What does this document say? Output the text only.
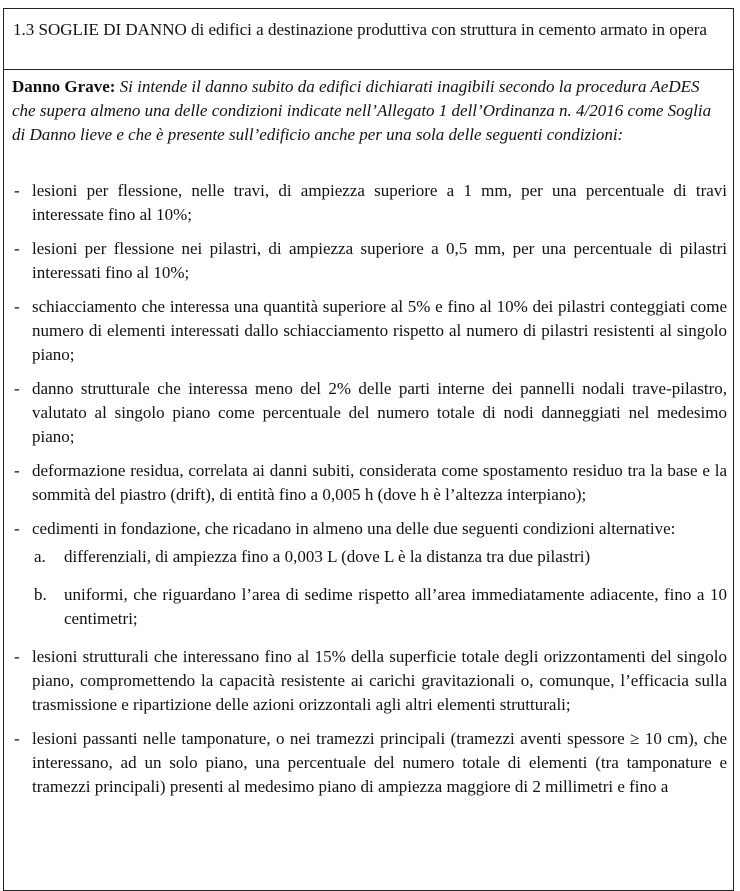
1.3 SOGLIE DI DANNO di edifici a destinazione produttiva con struttura in cemento armato in opera

Danno Grave: Si intende il danno subito da edifici dichiarati inagibili secondo la procedura AeDES che supera almeno una delle condizioni indicate nell’Allegato 1 dell’Ordinanza n. 4/2016 come Soglia di Danno lieve e che è presente sull’edificio anche per una sola delle seguenti condizioni:

- lesioni per flessione, nelle travi, di ampiezza superiore a 1 mm, per una percentuale di travi interessate fino al 10%;
- lesioni per flessione nei pilastri, di ampiezza superiore a 0,5 mm, per una percentuale di pilastri interessati fino al 10%;
- schiacciamento che interessa una quantità superiore al 5% e fino al 10% dei pilastri conteggiati come numero di elementi interessati dallo schiacciamento rispetto al numero di pilastri resistenti al singolo piano;
- danno strutturale che interessa meno del 2% delle parti interne dei pannelli nodali trave-pilastro, valutato al singolo piano come percentuale del numero totale di nodi danneggiati nel medesimo piano;
- deformazione residua, correlata ai danni subiti, considerata come spostamento residuo tra la base e la sommità del piastro (drift), di entità fino a 0,005 h (dove h è l’altezza interpiano);
- cedimenti in fondazione, che ricadano in almeno una delle due seguenti condizioni alternative:
a. differenziali, di ampiezza fino a 0,003 L (dove L è la distanza tra due pilastri)
b. uniformi, che riguardano l’area di sedime rispetto all’area immediatamente adiacente, fino a 10 centimetri;
- lesioni strutturali che interessano fino al 15% della superficie totale degli orizzontamenti del singolo piano, compromettendo la capacità resistente ai carichi gravitazionali o, comunque, l’efficacia sulla trasmissione e ripartizione delle azioni orizzontali agli altri elementi strutturali;
- lesioni passanti nelle tamponature, o nei tramezzi principali (tramezzi aventi spessore ≥ 10 cm), che interessano, ad un solo piano, una percentuale del numero totale di elementi (tra tamponature e tramezzi principali) presenti al medesimo piano di ampiezza maggiore di 2 millimetri e fino a
